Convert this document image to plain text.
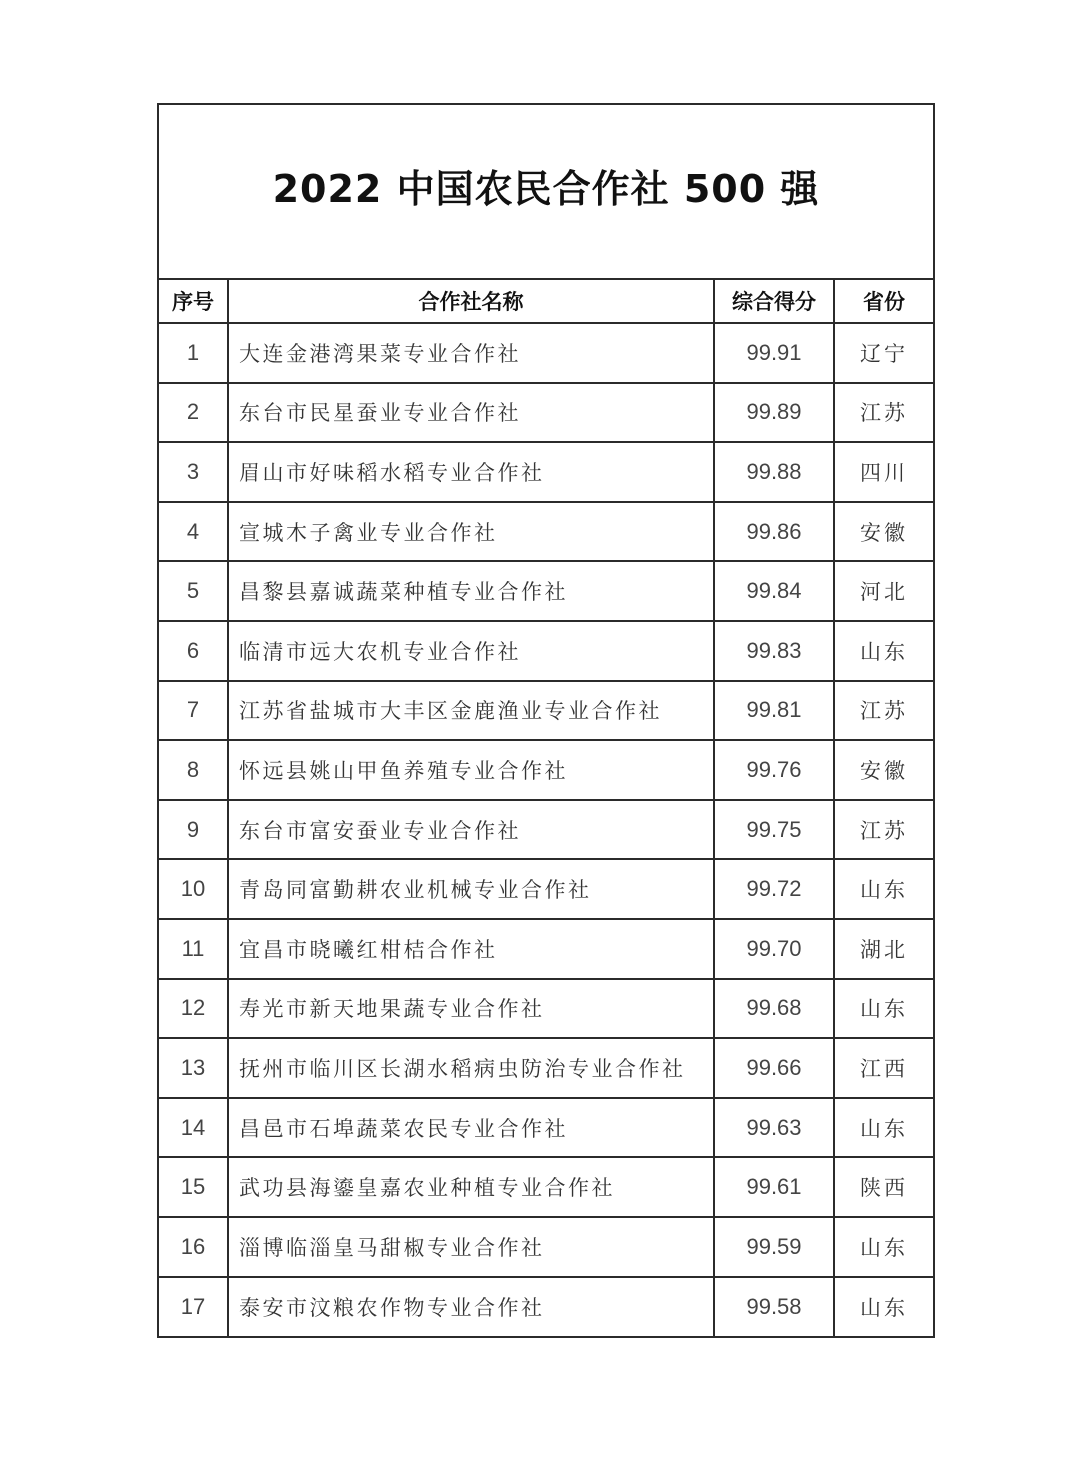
2022 中国农民合作社 500 强
序号	合作社名称	综合得分	省份
1	大连金港湾果菜专业合作社	99.91	辽宁
2	东台市民星蚕业专业合作社	99.89	江苏
3	眉山市好味稻水稻专业合作社	99.88	四川
4	宣城木子禽业专业合作社	99.86	安徽
5	昌黎县嘉诚蔬菜种植专业合作社	99.84	河北
6	临清市远大农机专业合作社	99.83	山东
7	江苏省盐城市大丰区金鹿渔业专业合作社	99.81	江苏
8	怀远县姚山甲鱼养殖专业合作社	99.76	安徽
9	东台市富安蚕业专业合作社	99.75	江苏
10	青岛同富勤耕农业机械专业合作社	99.72	山东
11	宜昌市晓曦红柑桔合作社	99.70	湖北
12	寿光市新天地果蔬专业合作社	99.68	山东
13	抚州市临川区长湖水稻病虫防治专业合作社	99.66	江西
14	昌邑市石埠蔬菜农民专业合作社	99.63	山东
15	武功县海鎏皇嘉农业种植专业合作社	99.61	陕西
16	淄博临淄皇马甜椒专业合作社	99.59	山东
17	泰安市汶粮农作物专业合作社	99.58	山东
